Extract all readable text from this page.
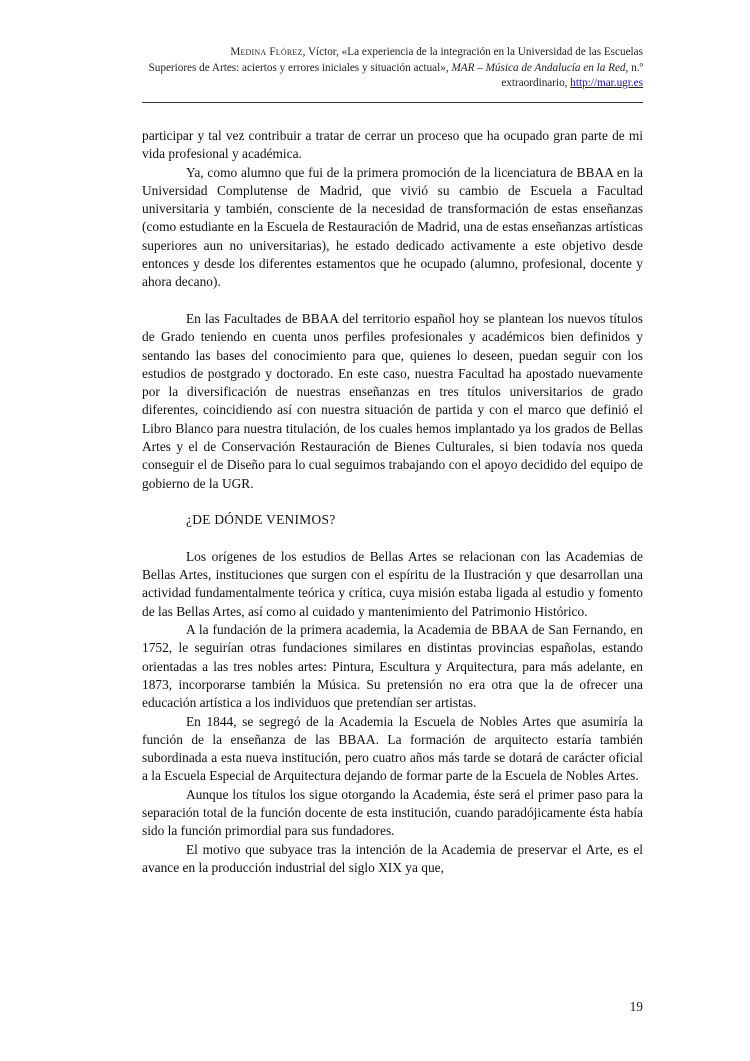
Medina Flórez, Víctor, «La experiencia de la integración en la Universidad de las Escuelas
Superiores de Artes: aciertos y errores iniciales y situación actual», MAR – Música de Andalucía en la Red, n.º extraordinario, http://mar.ugr.es

participar y tal vez contribuir a tratar de cerrar un proceso que ha ocupado gran parte de mi vida profesional y académica.

Ya, como alumno que fui de la primera promoción de la licenciatura de BBAA en la Universidad Complutense de Madrid, que vivió su cambio de Escuela a Facultad universitaria y también, consciente de la necesidad de transformación de estas enseñanzas (como estudiante en la Escuela de Restauración de Madrid, una de estas enseñanzas artísticas superiores aun no universitarias), he estado dedicado activamente a este objetivo desde entonces y desde los diferentes estamentos que he ocupado (alumno, profesional, docente y ahora decano).

En las Facultades de BBAA del territorio español hoy se plantean los nuevos títulos de Grado teniendo en cuenta unos perfiles profesionales y académicos bien definidos y sentando las bases del conocimiento para que, quienes lo deseen, puedan seguir con los estudios de postgrado y doctorado. En este caso, nuestra Facultad ha apostado nuevamente por la diversificación de nuestras enseñanzas en tres títulos universitarios de grado diferentes, coincidiendo así con nuestra situación de partida y con el marco que definió el Libro Blanco para nuestra titulación, de los cuales hemos implantado ya los grados de Bellas Artes y el de Conservación Restauración de Bienes Culturales, si bien todavía nos queda conseguir el de Diseño para lo cual seguimos trabajando con el apoyo decidido del equipo de gobierno de la UGR.

¿DE DÓNDE VENIMOS?

Los orígenes de los estudios de Bellas Artes se relacionan con las Academias de Bellas Artes, instituciones que surgen con el espíritu de la Ilustración y que desarrollan una actividad fundamentalmente teórica y crítica, cuya misión estaba ligada al estudio y fomento de las Bellas Artes, así como al cuidado y mantenimiento del Patrimonio Histórico.

A la fundación de la primera academia, la Academia de BBAA de San Fernando, en 1752, le seguirían otras fundaciones similares en distintas provincias españolas, estando orientadas a las tres nobles artes: Pintura, Escultura y Arquitectura, para más adelante, en 1873, incorporarse también la Música. Su pretensión no era otra que la de ofrecer una educación artística a los individuos que pretendían ser artistas.

En 1844, se segregó de la Academia la Escuela de Nobles Artes que asumiría la función de la enseñanza de las BBAA. La formación de arquitecto estaría también subordinada a esta nueva institución, pero cuatro años más tarde se dotará de carácter oficial a la Escuela Especial de Arquitectura dejando de formar parte de la Escuela de Nobles Artes.

Aunque los títulos los sigue otorgando la Academia, éste será el primer paso para la separación total de la función docente de esta institución, cuando paradójicamente ésta había sido la función primordial para sus fundadores.

El motivo que subyace tras la intención de la Academia de preservar el Arte, es el avance en la producción industrial del siglo XIX ya que,

19
